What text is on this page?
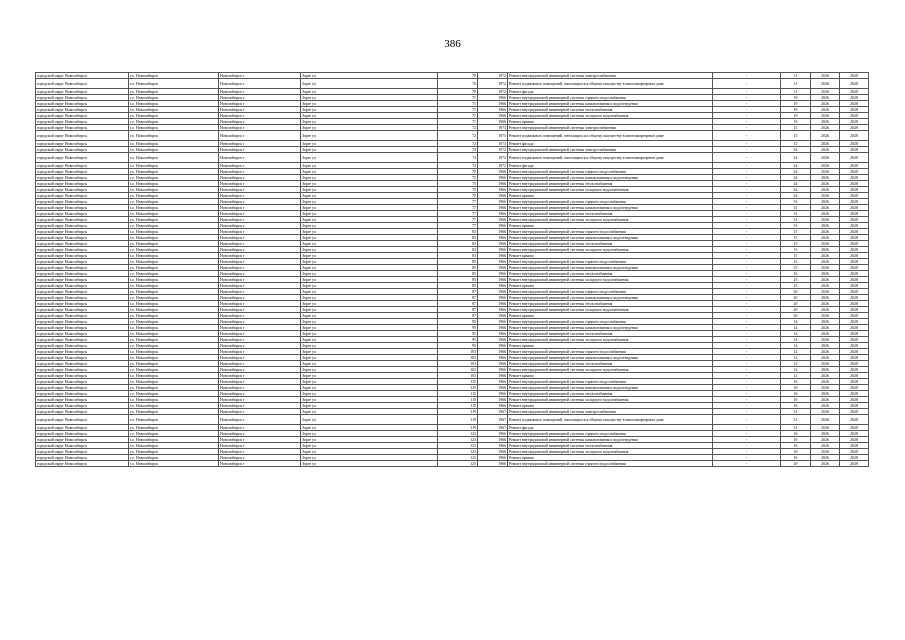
386
городской округ Новосибирск	г.о. Новосибирск	Новосибирск г	Зорге ул	70	1972	Ремонт внутридомовой инженерной системы электроснабжения	-	11	2026	2028
городской округ Новосибирск	г.о. Новосибирск	Новосибирск г	Зорге ул	70	1972	Ремонт подвальных помещений, относящихся к общему имуществу в многоквартирном доме	-	11	2026	2028
городской округ Новосибирск	г.о. Новосибирск	Новосибирск г	Зорге ул	70	1972	Ремонт фасада	-	11	2026	2028
городской округ Новосибирск	г.о. Новосибирск	Новосибирск г	Зорге ул	71	1966	Ремонт внутридомовой инженерной системы горячего водоснабжения	-	19	2026	2028
городской округ Новосибирск	г.о. Новосибирск	Новосибирск г	Зорге ул	71	1966	Ремонт внутридомовой инженерной системы канализования и водоотведения	-	19	2026	2028
городской округ Новосибирск	г.о. Новосибирск	Новосибирск г	Зорге ул	71	1966	Ремонт внутридомовой инженерной системы теплоснабжения	-	19	2026	2028
городской округ Новосибирск	г.о. Новосибирск	Новосибирск г	Зорге ул	71	1966	Ремонт внутридомовой инженерной системы холодного водоснабжения	-	19	2026	2028
городской округ Новосибирск	г.о. Новосибирск	Новосибирск г	Зорге ул	71	1966	Ремонт крыши	-	19	2026	2028
городской округ Новосибирск	г.о. Новосибирск	Новосибирск г	Зорге ул	72	1973	Ремонт внутридомовой инженерной системы электроснабжения	-	15	2026	2028
городской округ Новосибирск	г.о. Новосибирск	Новосибирск г	Зорге ул	72	1973	Ремонт подвальных помещений, относящихся к общему имуществу в многоквартирном доме	-	15	2026	2028
городской округ Новосибирск	г.о. Новосибирск	Новосибирск г	Зорге ул	72	1973	Ремонт фасада	-	15	2026	2028
городской округ Новосибирск	г.о. Новосибирск	Новосибирск г	Зорге ул	74	1972	Ремонт внутридомовой инженерной системы электроснабжения	-	24	2026	2028
городской округ Новосибирск	г.о. Новосибирск	Новосибирск г	Зорге ул	74	1972	Ремонт подвальных помещений, относящихся к общему имуществу в многоквартирном доме	-	24	2026	2028
городской округ Новосибирск	г.о. Новосибирск	Новосибирск г	Зорге ул	74	1972	Ремонт фасада	-	24	2026	2028
городской округ Новосибирск	г.о. Новосибирск	Новосибирск г	Зорге ул	75	1966	Ремонт внутридомовой инженерной системы горячего водоснабжения	-	24	2026	2028
городской округ Новосибирск	г.о. Новосибирск	Новосибирск г	Зорге ул	75	1966	Ремонт внутридомовой инженерной системы канализования и водоотведения	-	24	2026	2028
городской округ Новосибирск	г.о. Новосибирск	Новосибирск г	Зорге ул	75	1966	Ремонт внутридомовой инженерной системы теплоснабжения	-	24	2026	2028
городской округ Новосибирск	г.о. Новосибирск	Новосибирск г	Зорге ул	75	1966	Ремонт внутридомовой инженерной системы холодного водоснабжения	-	24	2026	2028
городской округ Новосибирск	г.о. Новосибирск	Новосибирск г	Зорге ул	75	1966	Ремонт крыши	-	24	2026	2028
городской округ Новосибирск	г.о. Новосибирск	Новосибирск г	Зорге ул	77	1966	Ремонт внутридомовой инженерной системы горячего водоснабжения	-	31	2026	2028
городской округ Новосибирск	г.о. Новосибирск	Новосибирск г	Зорге ул	77	1966	Ремонт внутридомовой инженерной системы канализования и водоотведения	-	31	2026	2028
городской округ Новосибирск	г.о. Новосибирск	Новосибирск г	Зорге ул	77	1966	Ремонт внутридомовой инженерной системы теплоснабжения	-	31	2026	2028
городской округ Новосибирск	г.о. Новосибирск	Новосибирск г	Зорге ул	77	1966	Ремонт внутридомовой инженерной системы холодного водоснабжения	-	31	2026	2028
городской округ Новосибирск	г.о. Новосибирск	Новосибирск г	Зорге ул	77	1966	Ремонт крыши	-	31	2026	2028
городской округ Новосибирск	г.о. Новосибирск	Новосибирск г	Зорге ул	83	1966	Ремонт внутридомовой инженерной системы горячего водоснабжения	-	15	2026	2028
городской округ Новосибирск	г.о. Новосибирск	Новосибирск г	Зорге ул	83	1966	Ремонт внутридомовой инженерной системы канализования и водоотведения	-	15	2026	2028
городской округ Новосибирск	г.о. Новосибирск	Новосибирск г	Зорге ул	83	1966	Ремонт внутридомовой инженерной системы теплоснабжения	-	15	2026	2028
городской округ Новосибирск	г.о. Новосибирск	Новосибирск г	Зорге ул	83	1966	Ремонт внутридомовой инженерной системы холодного водоснабжения	-	15	2026	2028
городской округ Новосибирск	г.о. Новосибирск	Новосибирск г	Зорге ул	83	1966	Ремонт крыши	-	15	2026	2028
городской округ Новосибирск	г.о. Новосибирск	Новосибирск г	Зорге ул	85	1966	Ремонт внутридомовой инженерной системы горячего водоснабжения	-	25	2026	2028
городской округ Новосибирск	г.о. Новосибирск	Новосибирск г	Зорге ул	85	1966	Ремонт внутридомовой инженерной системы канализования и водоотведения	-	25	2026	2028
городской округ Новосибирск	г.о. Новосибирск	Новосибирск г	Зорге ул	85	1966	Ремонт внутридомовой инженерной системы теплоснабжения	-	25	2026	2028
городской округ Новосибирск	г.о. Новосибирск	Новосибирск г	Зорге ул	85	1966	Ремонт внутридомовой инженерной системы холодного водоснабжения	-	25	2026	2028
городской округ Новосибирск	г.о. Новосибирск	Новосибирск г	Зорге ул	85	1966	Ремонт крыши	-	25	2026	2028
городской округ Новосибирск	г.о. Новосибирск	Новосибирск г	Зорге ул	87	1966	Ремонт внутридомовой инженерной системы горячего водоснабжения	-	20	2026	2028
городской округ Новосибирск	г.о. Новосибирск	Новосибирск г	Зорге ул	87	1966	Ремонт внутридомовой инженерной системы канализования и водоотведения	-	20	2026	2028
городской округ Новосибирск	г.о. Новосибирск	Новосибирск г	Зорге ул	87	1966	Ремонт внутридомовой инженерной системы теплоснабжения	-	20	2026	2028
городской округ Новосибирск	г.о. Новосибирск	Новосибирск г	Зорге ул	87	1966	Ремонт внутридомовой инженерной системы холодного водоснабжения	-	20	2026	2028
городской округ Новосибирск	г.о. Новосибирск	Новосибирск г	Зорге ул	87	1966	Ремонт крыши	-	20	2026	2028
городской округ Новосибирск	г.о. Новосибирск	Новосибирск г	Зорге ул	95	1966	Ремонт внутридомовой инженерной системы горячего водоснабжения	-	14	2026	2028
городской округ Новосибирск	г.о. Новосибирск	Новосибирск г	Зорге ул	95	1966	Ремонт внутридомовой инженерной системы канализования и водоотведения	-	14	2026	2028
городской округ Новосибирск	г.о. Новосибирск	Новосибирск г	Зорге ул	95	1966	Ремонт внутридомовой инженерной системы теплоснабжения	-	14	2026	2028
городской округ Новосибирск	г.о. Новосибирск	Новосибирск г	Зорге ул	95	1966	Ремонт внутридомовой инженерной системы холодного водоснабжения	-	14	2026	2028
городской округ Новосибирск	г.о. Новосибирск	Новосибирск г	Зорге ул	95	1966	Ремонт крыши	-	14	2026	2028
городской округ Новосибирск	г.о. Новосибирск	Новосибирск г	Зорге ул	103	1966	Ремонт внутридомовой инженерной системы горячего водоснабжения	-	12	2026	2028
городской округ Новосибирск	г.о. Новосибирск	Новосибирск г	Зорге ул	103	1966	Ремонт внутридомовой инженерной системы канализования и водоотведения	-	12	2026	2028
городской округ Новосибирск	г.о. Новосибирск	Новосибирск г	Зорге ул	103	1966	Ремонт внутридомовой инженерной системы теплоснабжения	-	12	2026	2028
городской округ Новосибирск	г.о. Новосибирск	Новосибирск г	Зорге ул	103	1966	Ремонт внутридомовой инженерной системы холодного водоснабжения	-	12	2026	2028
городской округ Новосибирск	г.о. Новосибирск	Новосибирск г	Зорге ул	103	1966	Ремонт крыши	-	12	2026	2028
городской округ Новосибирск	г.о. Новосибирск	Новосибирск г	Зорге ул	115	1966	Ремонт внутридомовой инженерной системы горячего водоснабжения	-	16	2026	2028
городской округ Новосибирск	г.о. Новосибирск	Новосибирск г	Зорге ул	115	1966	Ремонт внутридомовой инженерной системы канализования и водоотведения	-	16	2026	2028
городской округ Новосибирск	г.о. Новосибирск	Новосибирск г	Зорге ул	115	1966	Ремонт внутридомовой инженерной системы теплоснабжения	-	16	2026	2028
городской округ Новосибирск	г.о. Новосибирск	Новосибирск г	Зорге ул	115	1966	Ремонт внутридомовой инженерной системы холодного водоснабжения	-	16	2026	2028
городской округ Новосибирск	г.о. Новосибирск	Новосибирск г	Зорге ул	115	1966	Ремонт крыши	-	16	2026	2028
городской округ Новосибирск	г.о. Новосибирск	Новосибирск г	Зорге ул	119	1967	Ремонт внутридомовой инженерной системы электроснабжения	-	31	2026	2028
городской округ Новосибирск	г.о. Новосибирск	Новосибирск г	Зорге ул	119	1967	Ремонт подвальных помещений, относящихся к общему имуществу в многоквартирном доме	-	31	2026	2028
городской округ Новосибирск	г.о. Новосибирск	Новосибирск г	Зорге ул	119	1967	Ремонт фасада	-	31	2026	2028
городской округ Новосибирск	г.о. Новосибирск	Новосибирск г	Зорге ул	123	1966	Ремонт внутридомовой инженерной системы горячего водоснабжения	-	16	2026	2028
городской округ Новосибирск	г.о. Новосибирск	Новосибирск г	Зорге ул	123	1966	Ремонт внутридомовой инженерной системы канализования и водоотведения	-	16	2026	2028
городской округ Новосибирск	г.о. Новосибирск	Новосибирск г	Зорге ул	123	1966	Ремонт внутридомовой инженерной системы теплоснабжения	-	16	2026	2028
городской округ Новосибирск	г.о. Новосибирск	Новосибирск г	Зорге ул	123	1966	Ремонт внутридомовой инженерной системы холодного водоснабжения	-	16	2026	2028
городской округ Новосибирск	г.о. Новосибирск	Новосибирск г	Зорге ул	123	1966	Ремонт крыши	-	16	2026	2028
городской округ Новосибирск	г.о. Новосибирск	Новосибирск г	Зорге ул	125	1966	Ремонт внутридомовой инженерной системы горячего водоснабжения	-	29	2026	2028
